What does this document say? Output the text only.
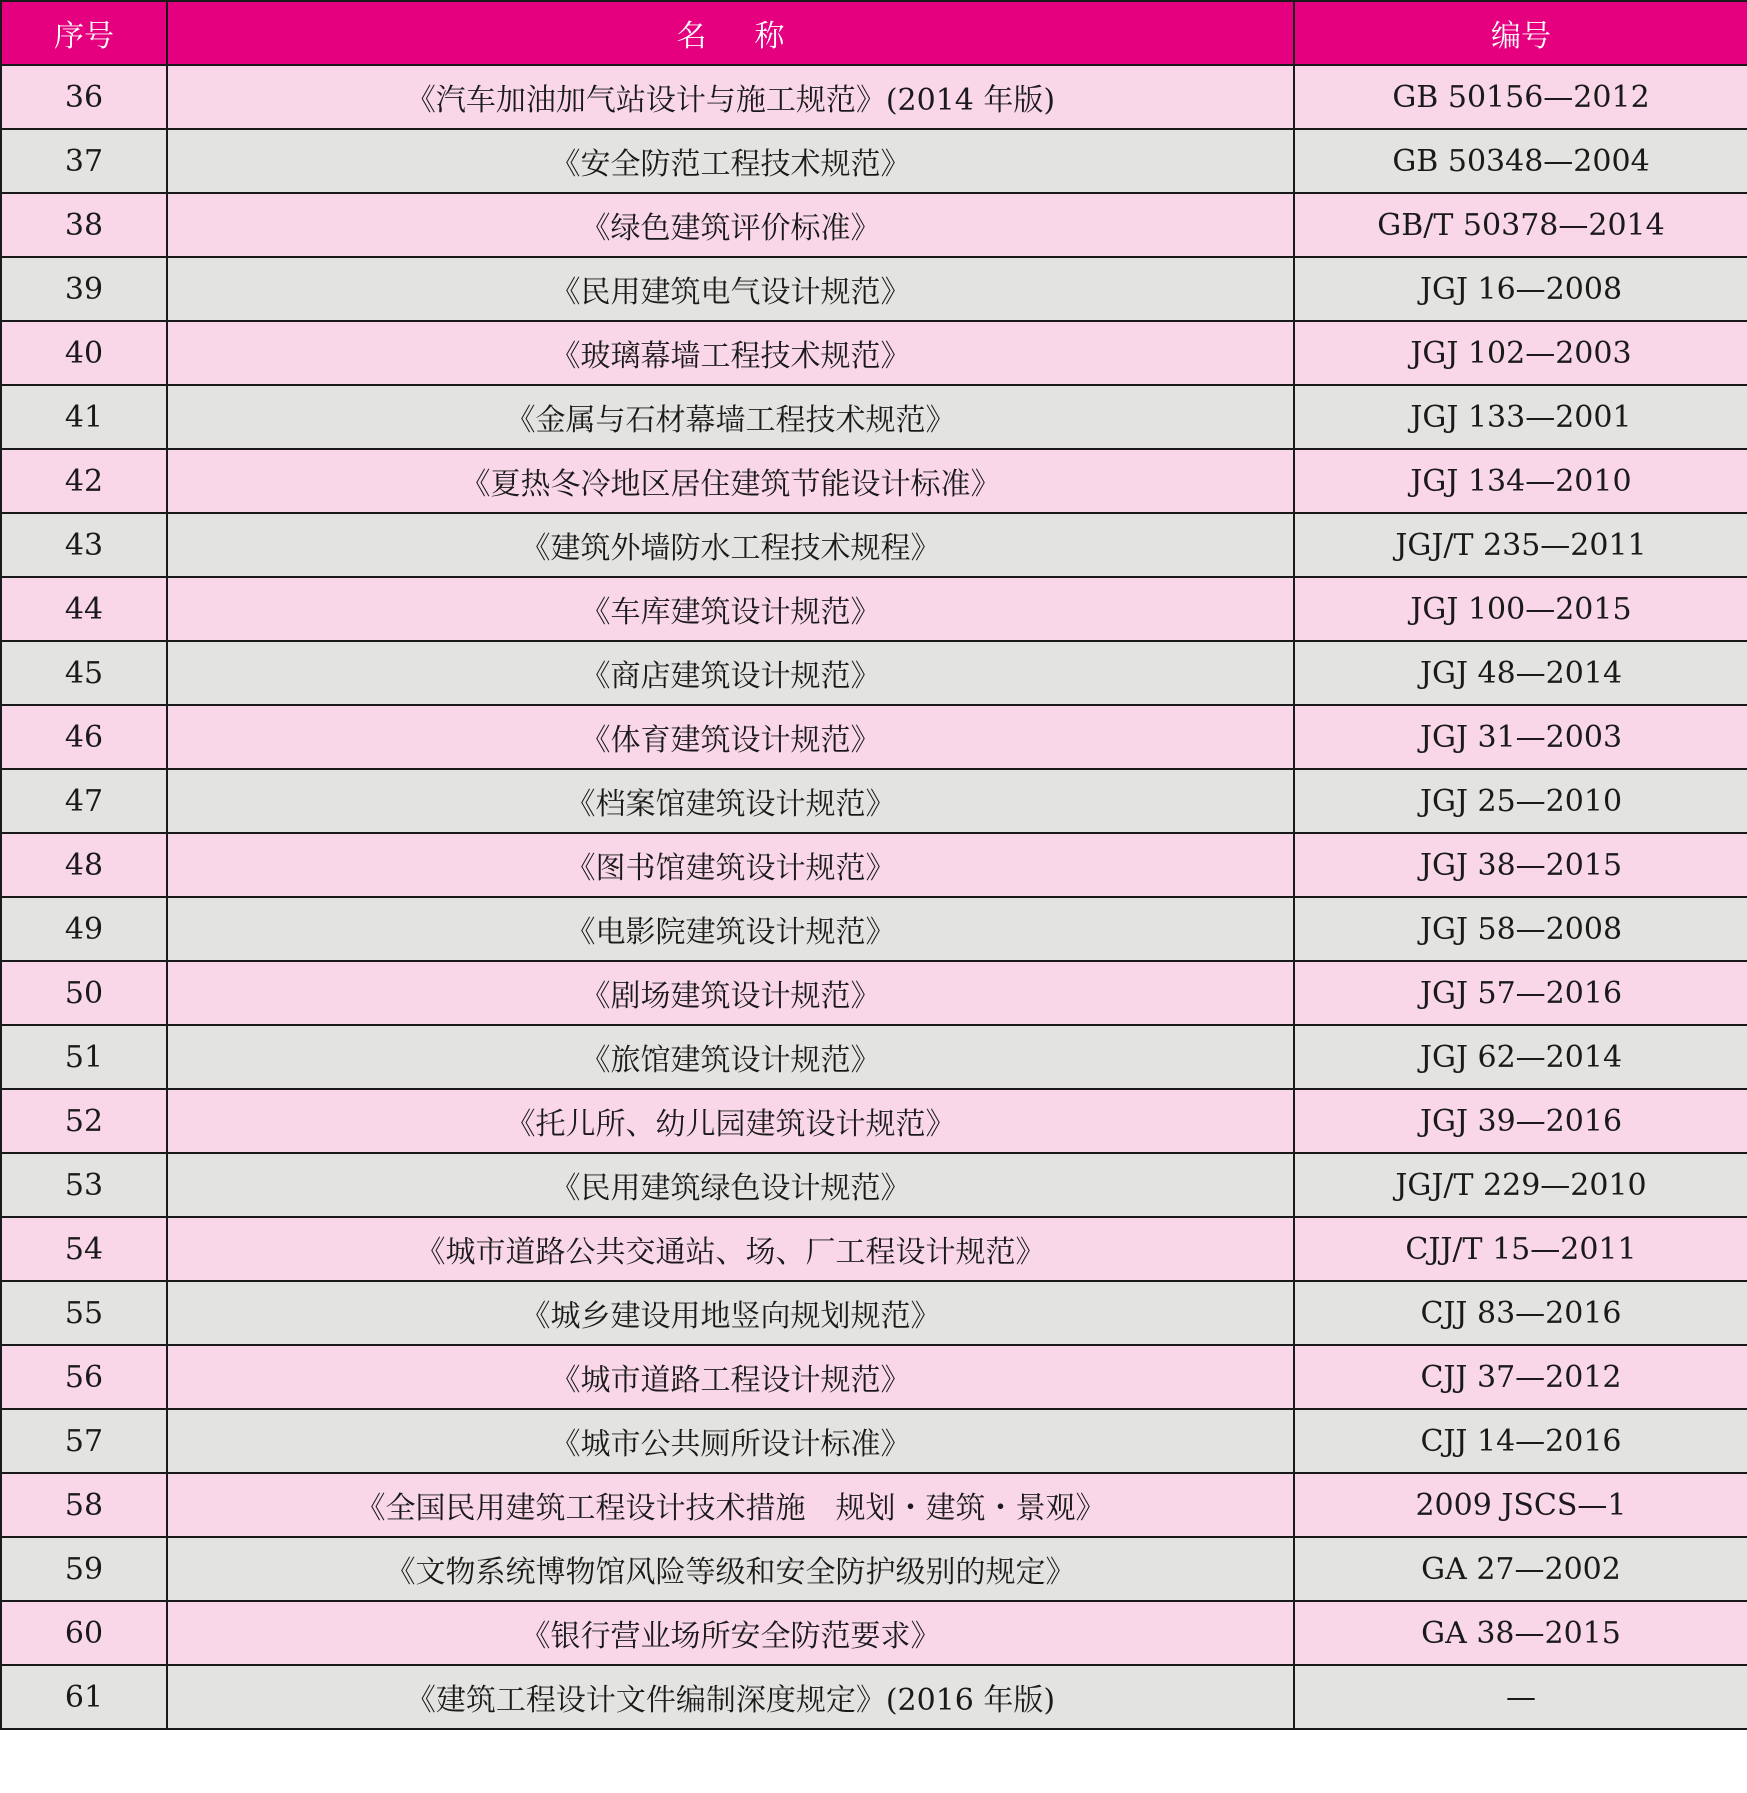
序号	名称	编号
36	《汽车加油加气站设计与施工规范》(2014 年版)	GB 50156—2012
37	《安全防范工程技术规范》	GB 50348—2004
38	《绿色建筑评价标准》	GB/T 50378—2014
39	《民用建筑电气设计规范》	JGJ 16—2008
40	《玻璃幕墙工程技术规范》	JGJ 102—2003
41	《金属与石材幕墙工程技术规范》	JGJ 133—2001
42	《夏热冬冷地区居住建筑节能设计标准》	JGJ 134—2010
43	《建筑外墙防水工程技术规程》	JGJ/T 235—2011
44	《车库建筑设计规范》	JGJ 100—2015
45	《商店建筑设计规范》	JGJ 48—2014
46	《体育建筑设计规范》	JGJ 31—2003
47	《档案馆建筑设计规范》	JGJ 25—2010
48	《图书馆建筑设计规范》	JGJ 38—2015
49	《电影院建筑设计规范》	JGJ 58—2008
50	《剧场建筑设计规范》	JGJ 57—2016
51	《旅馆建筑设计规范》	JGJ 62—2014
52	《托儿所、幼儿园建筑设计规范》	JGJ 39—2016
53	《民用建筑绿色设计规范》	JGJ/T 229—2010
54	《城市道路公共交通站、场、厂工程设计规范》	CJJ/T 15—2011
55	《城乡建设用地竖向规划规范》	CJJ 83—2016
56	《城市道路工程设计规范》	CJJ 37—2012
57	《城市公共厕所设计标准》	CJJ 14—2016
58	《全国民用建筑工程设计技术措施　规划・建筑・景观》	2009 JSCS—1
59	《文物系统博物馆风险等级和安全防护级别的规定》	GA 27—2002
60	《银行营业场所安全防范要求》	GA 38—2015
61	《建筑工程设计文件编制深度规定》(2016 年版)	—
